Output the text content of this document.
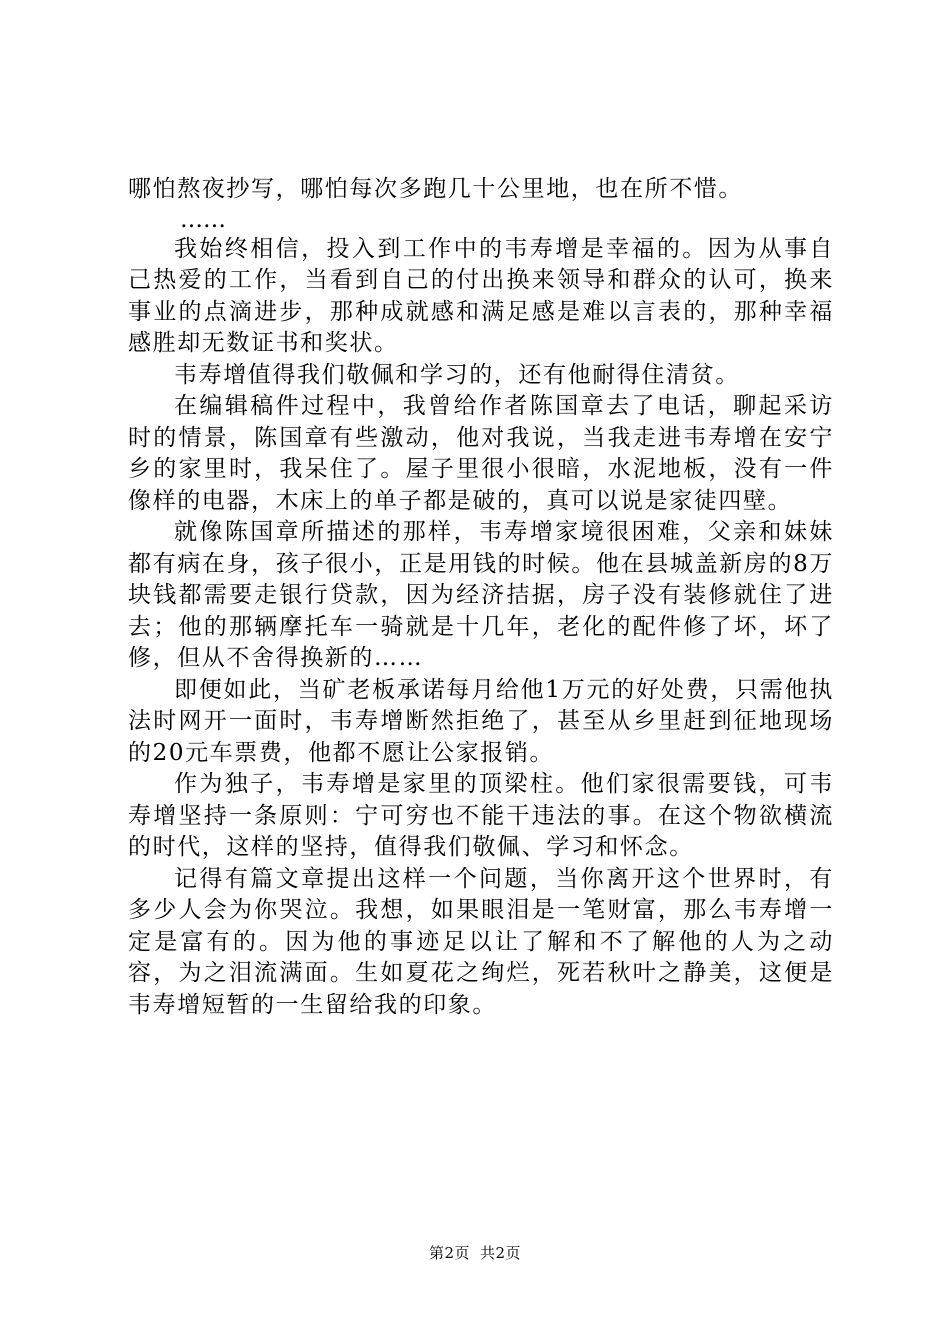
哪怕熬夜抄写，哪怕每次多跑几十公里地，也在所不惜。

……

我始终相信，投入到工作中的韦寿增是幸福的。因为从事自己热爱的工作，当看到自己的付出换来领导和群众的认可，换来事业的点滴进步，那种成就感和满足感是难以言表的，那种幸福感胜却无数证书和奖状。

韦寿增值得我们敬佩和学习的，还有他耐得住清贫。

在编辑稿件过程中，我曾给作者陈国章去了电话，聊起采访时的情景，陈国章有些激动，他对我说，当我走进韦寿增在安宁乡的家里时，我呆住了。屋子里很小很暗，水泥地板，没有一件像样的电器，木床上的单子都是破的，真可以说是家徒四壁。

就像陈国章所描述的那样，韦寿增家境很困难，父亲和妹妹都有病在身，孩子很小，正是用钱的时候。他在县城盖新房的8万块钱都需要走银行贷款，因为经济拮据，房子没有装修就住了进去；他的那辆摩托车一骑就是十几年，老化的配件修了坏，坏了修，但从不舍得换新的……

即便如此，当矿老板承诺每月给他1万元的好处费，只需他执法时网开一面时，韦寿增断然拒绝了，甚至从乡里赶到征地现场的20元车票费，他都不愿让公家报销。

作为独子，韦寿增是家里的顶梁柱。他们家很需要钱，可韦寿增坚持一条原则：宁可穷也不能干违法的事。在这个物欲横流的时代，这样的坚持，值得我们敬佩、学习和怀念。

记得有篇文章提出这样一个问题，当你离开这个世界时，有多少人会为你哭泣。我想，如果眼泪是一笔财富，那么韦寿增一定是富有的。因为他的事迹足以让了解和不了解他的人为之动容，为之泪流满面。生如夏花之绚烂，死若秋叶之静美，这便是韦寿增短暂的一生留给我的印象。

第2页 共2页
